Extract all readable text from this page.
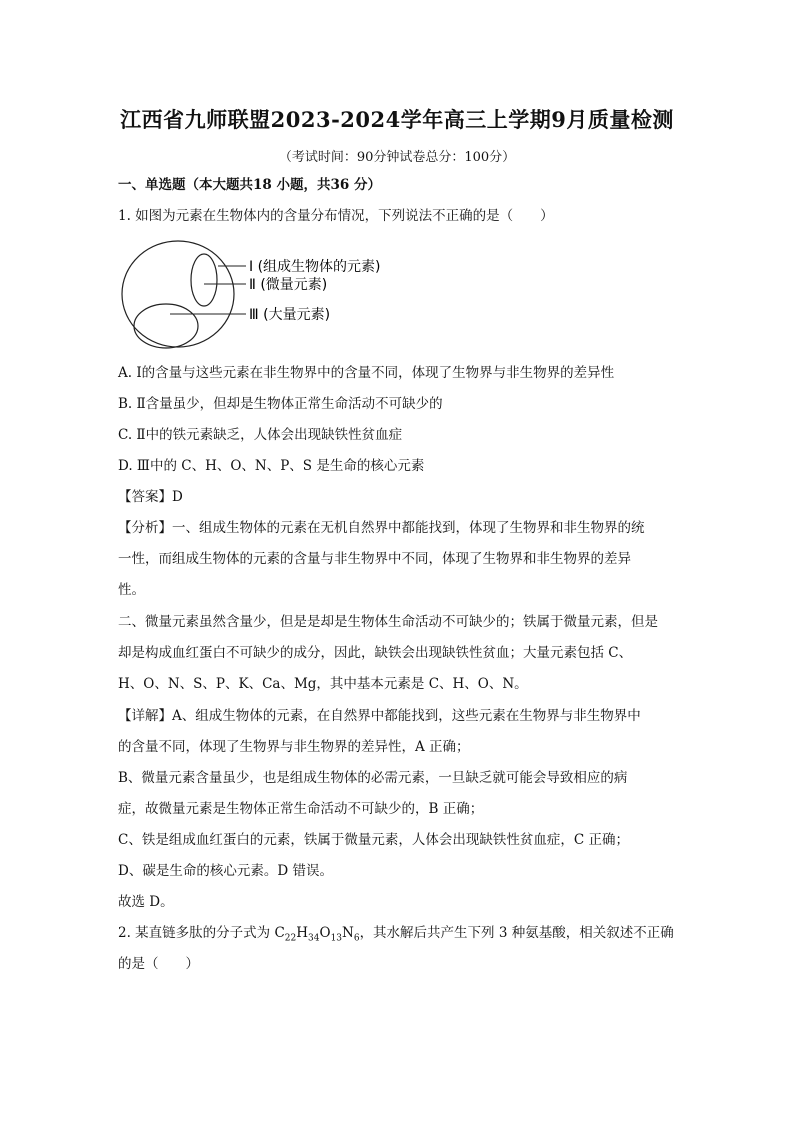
江西省九师联盟2023-2024学年高三上学期9月质量检测
（考试时间：90分钟试卷总分：100分）
一、单选题（本大题共18 小题，共36 分）
1. 如图为元素在生物体内的含量分布情况，下列说法不正确的是（　　）
Ⅰ (组成生物体的元素)
Ⅱ (微量元素)
Ⅲ (大量元素)
A. Ⅰ的含量与这些元素在非生物界中的含量不同，体现了生物界与非生物界的差异性
B. Ⅱ含量虽少，但却是生物体正常生命活动不可缺少的
C. Ⅱ中的铁元素缺乏，人体会出现缺铁性贫血症
D. Ⅲ中的 C、H、O、N、P、S 是生命的核心元素
【答案】D
【分析】一、组成生物体的元素在无机自然界中都能找到，体现了生物界和非生物界的统
一性，而组成生物体的元素的含量与非生物界中不同，体现了生物界和非生物界的差异
性。
二、微量元素虽然含量少，但是是却是生物体生命活动不可缺少的；铁属于微量元素，但是
却是构成血红蛋白不可缺少的成分，因此，缺铁会出现缺铁性贫血；大量元素包括 C、
H、O、N、S、P、K、Ca、Mg，其中基本元素是 C、H、O、N。
【详解】A、组成生物体的元素，在自然界中都能找到，这些元素在生物界与非生物界中
的含量不同，体现了生物界与非生物界的差异性，A 正确；
B、微量元素含量虽少，也是组成生物体的必需元素，一旦缺乏就可能会导致相应的病
症，故微量元素是生物体正常生命活动不可缺少的，B 正确；
C、铁是组成血红蛋白的元素，铁属于微量元素，人体会出现缺铁性贫血症，C 正确；
D、碳是生命的核心元素。D 错误。
故选 D。
2. 某直链多肽的分子式为 $C_{22}H_{34}O_{13}N_6$，其水解后共产生下列 3 种氨基酸，相关叙述不正确
的是（　　）
